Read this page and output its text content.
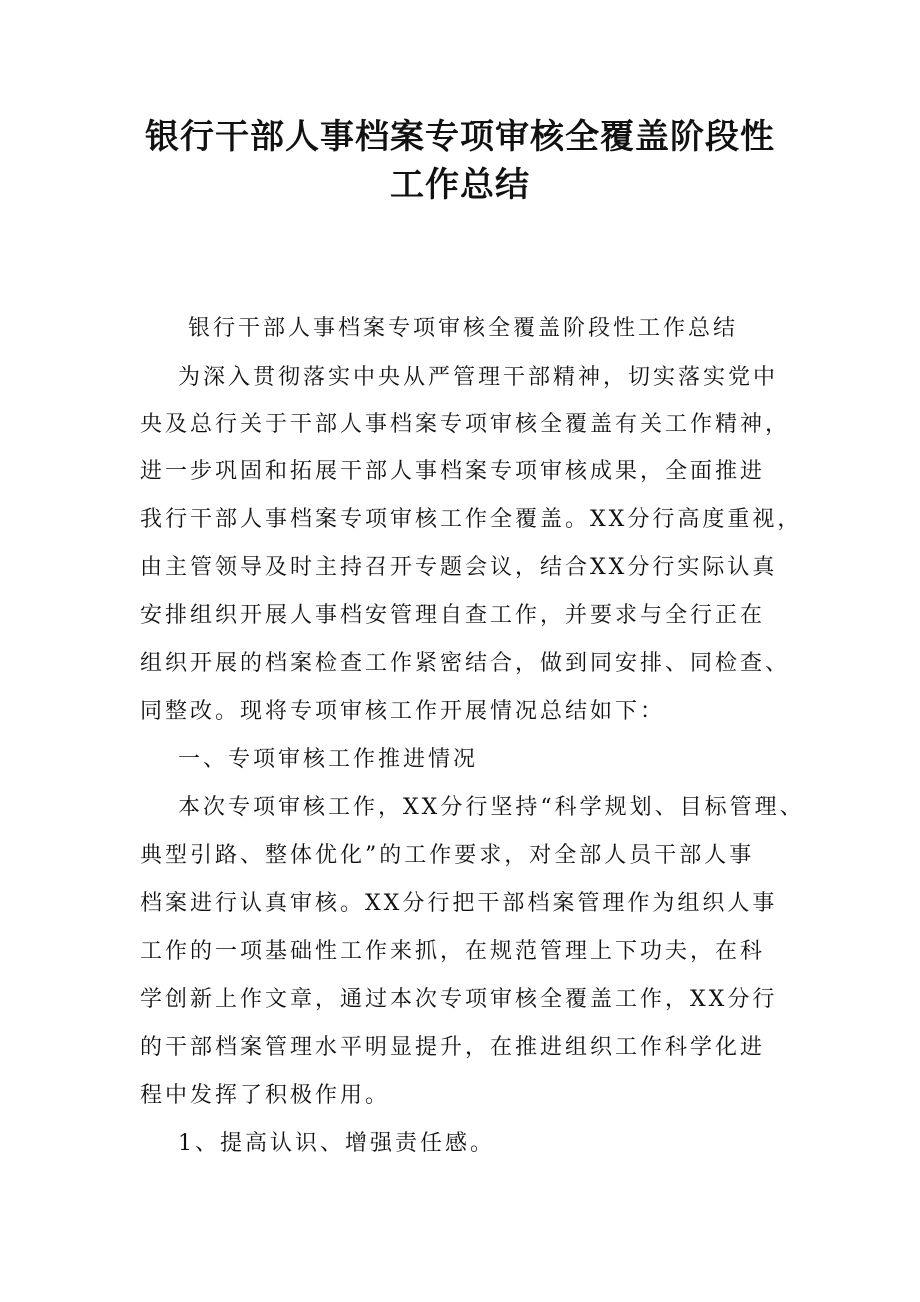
银行干部人事档案专项审核全覆盖阶段性
工作总结

银行干部人事档案专项审核全覆盖阶段性工作总结

为深入贯彻落实中央从严管理干部精神，切实落实党中

央及总行关于干部人事档案专项审核全覆盖有关工作精神，

进一步巩固和拓展干部人事档案专项审核成果，全面推进

我行干部人事档案专项审核工作全覆盖。XX分行高度重视，

由主管领导及时主持召开专题会议，结合XX分行实际认真

安排组织开展人事档安管理自查工作，并要求与全行正在

组织开展的档案检查工作紧密结合，做到同安排、同检查、

同整改。现将专项审核工作开展情况总结如下：

一、专项审核工作推进情况

本次专项审核工作，XX分行坚持“科学规划、目标管理、

典型引路、整体优化”的工作要求，对全部人员干部人事

档案进行认真审核。XX分行把干部档案管理作为组织人事

工作的一项基础性工作来抓，在规范管理上下功夫，在科

学创新上作文章，通过本次专项审核全覆盖工作，XX分行

的干部档案管理水平明显提升，在推进组织工作科学化进

程中发挥了积极作用。

1、提高认识、增强责任感。
